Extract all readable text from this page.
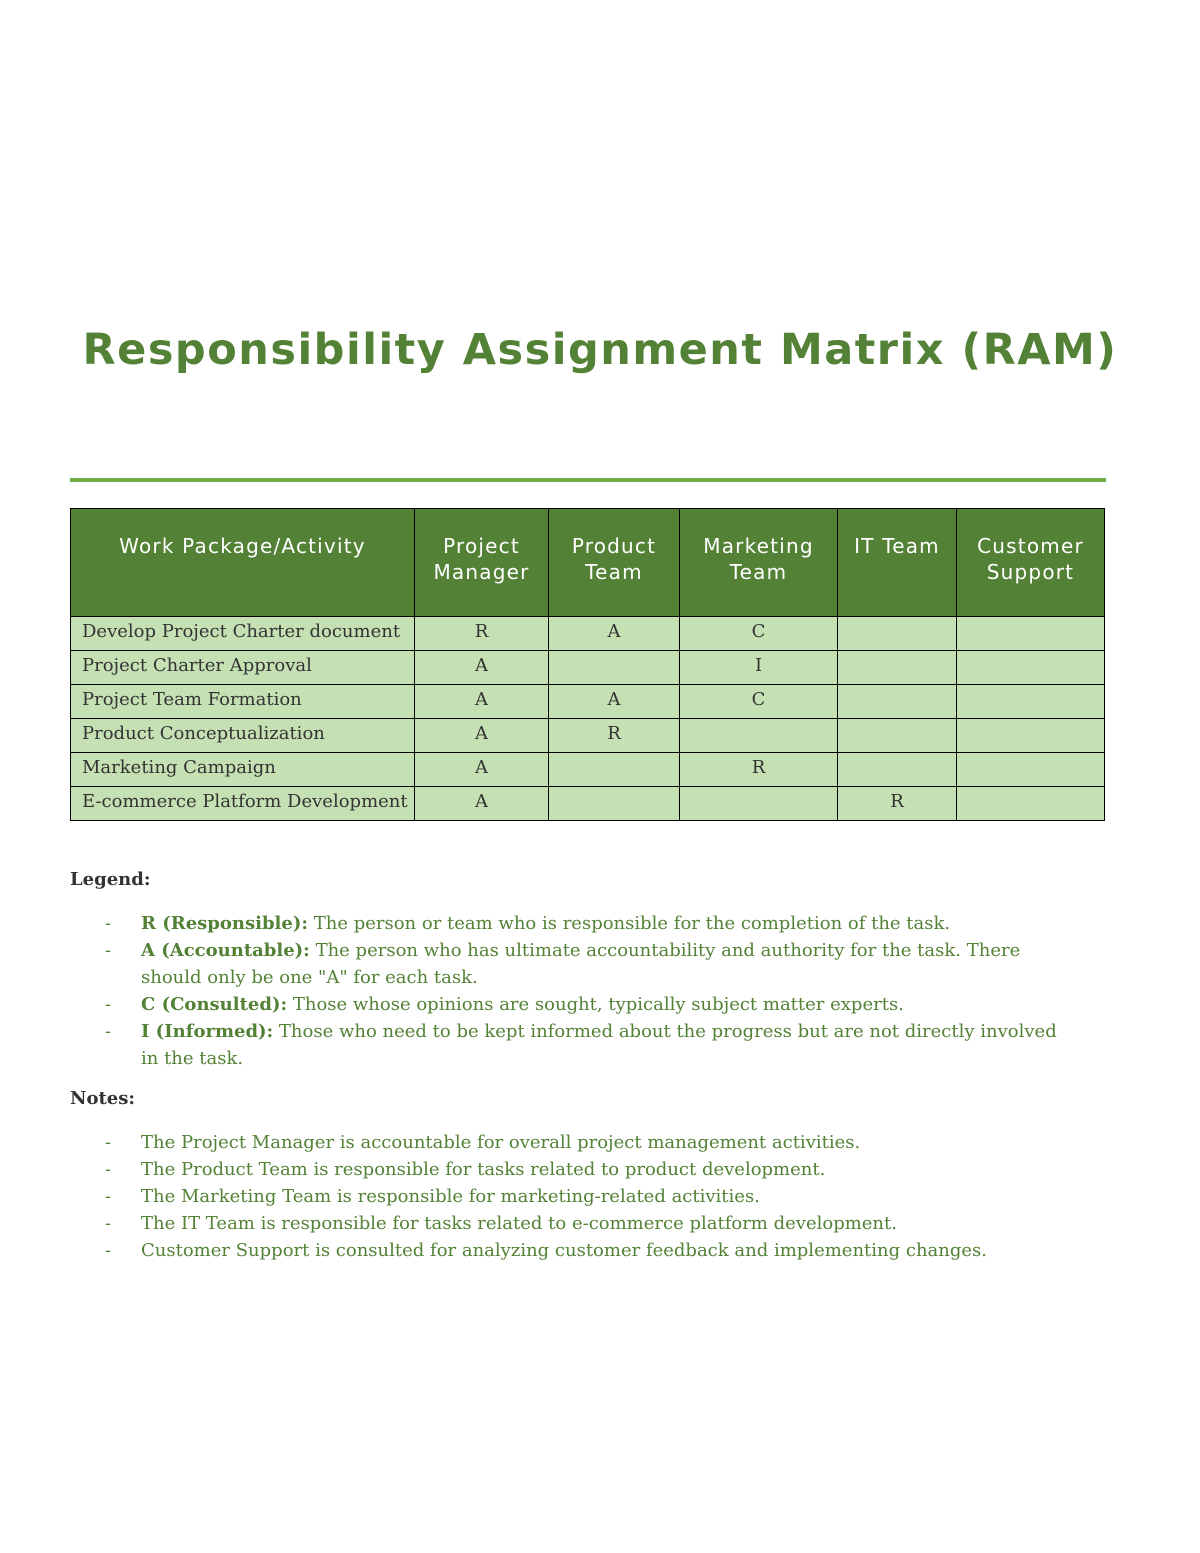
Responsibility Assignment Matrix (RAM)
Work Package/Activity	Project Manager	Product Team	Marketing Team	IT Team	Customer Support
Develop Project Charter document	R	A	C		
Project Charter Approval	A		I		
Project Team Formation	A	A	C		
Product Conceptualization	A	R			
Marketing Campaign	A		R		
E-commerce Platform Development	A			R	
Legend:
- R (Responsible): The person or team who is responsible for the completion of the task.
- A (Accountable): The person who has ultimate accountability and authority for the task. There should only be one "A" for each task.
- C (Consulted): Those whose opinions are sought, typically subject matter experts.
- I (Informed): Those who need to be kept informed about the progress but are not directly involved in the task.
Notes:
- The Project Manager is accountable for overall project management activities.
- The Product Team is responsible for tasks related to product development.
- The Marketing Team is responsible for marketing-related activities.
- The IT Team is responsible for tasks related to e-commerce platform development.
- Customer Support is consulted for analyzing customer feedback and implementing changes.
